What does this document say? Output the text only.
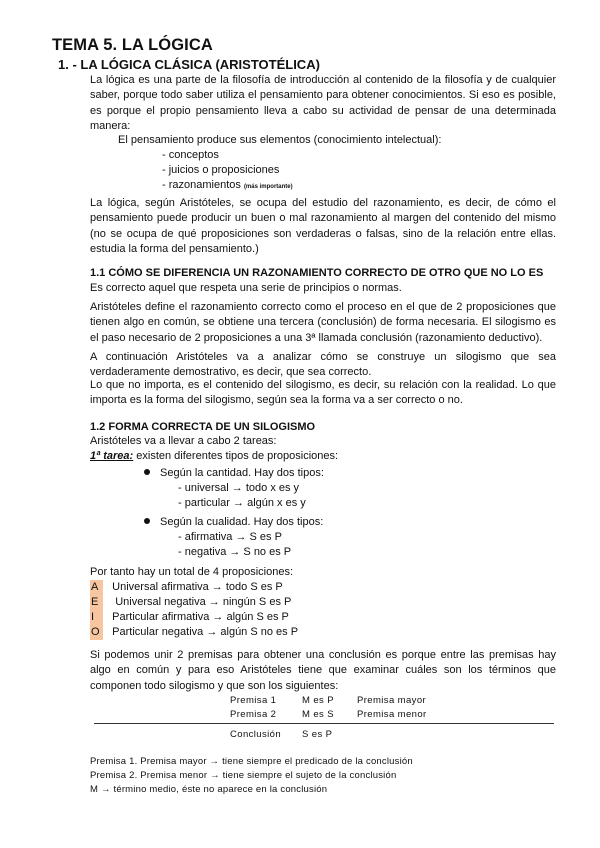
TEMA 5. LA LÓGICA
1. - LA LÓGICA CLÁSICA (ARISTOTÉLICA)

La lógica es una parte de la filosofía de introducción al contenido de la filosofía y de cualquier saber, porque todo saber utiliza el pensamiento para obtener conocimientos. Si eso es posible, es porque el propio pensamiento lleva a cabo su actividad de pensar de una determinada manera:

El pensamiento produce sus elementos (conocimiento intelectual):

- conceptos

- juicios o proposiciones

- razonamientos (más importante)

La lógica, según Aristóteles, se ocupa del estudio del razonamiento, es decir, de cómo el pensamiento puede producir un buen o mal razonamiento al margen del contenido del mismo (no se ocupa de qué proposiciones son verdaderas o falsas, sino de la relación entre ellas. estudia la forma del pensamiento.)

1.1 CÓMO SE DIFERENCIA UN RAZONAMIENTO CORRECTO DE OTRO QUE NO LO ES

Es correcto aquel que respeta una serie de principios o normas.

Aristóteles define el razonamiento correcto como el proceso en el que de 2 proposiciones que tienen algo en común, se obtiene una tercera (conclusión) de forma necesaria. El silogismo es el paso necesario de 2 proposiciones a una 3ª llamada conclusión (razonamiento deductivo).

A continuación Aristóteles va a analizar cómo se construye un silogismo que sea verdaderamente demostrativo, es decir, que sea correcto.

Lo que no importa, es el contenido del silogismo, es decir, su relación con la realidad. Lo que importa es la forma del silogismo, según sea la forma va a ser correcto o no.

1.2 FORMA CORRECTA DE UN SILOGISMO

Aristóteles va a llevar a cabo 2 tareas:

1ª tarea: existen diferentes tipos de proposiciones:

Según la cantidad. Hay dos tipos:

- universal → todo x es y

- particular → algún x es y

Según la cualidad. Hay dos tipos:

- afirmativa → S es P

- negativa → S no es P

Por tanto hay un total de 4 proposiciones:

A Universal afirmativa → todo S es P

E Universal negativa → ningún S es P

I Particular afirmativa → algún S es P

O Particular negativa → algún S no es P

Si podemos unir 2 premisas para obtener una conclusión es porque entre las premisas hay algo en común y para eso Aristóteles tiene que examinar cuáles son los términos que componen todo silogismo y que son los siguientes:

Premisa 1	M es P Premisa mayor

Premisa 2	M es S Premisa menor

Conclusión S es P

Premisa 1. Premisa mayor → tiene siempre el predicado de la conclusión

Premisa 2. Premisa menor → tiene siempre el sujeto de la conclusión

M → término medio, éste no aparece en la conclusión
